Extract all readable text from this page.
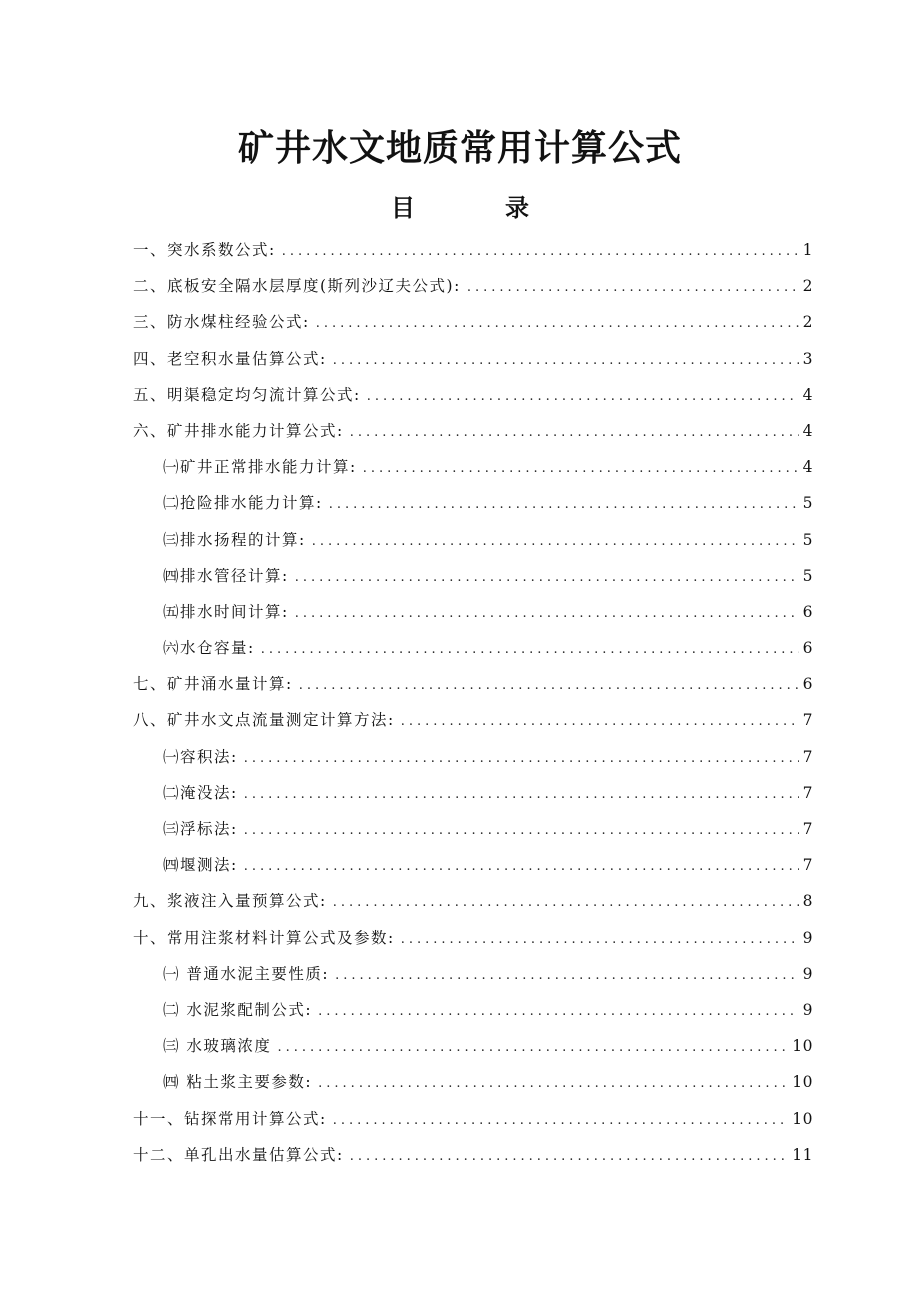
矿井水文地质常用计算公式
目	录
一、突水系数公式: .....	1
二、底板安全隔水层厚度(斯列沙辽夫公式): .....	2
三、防水煤柱经验公式: .....	2
四、老空积水量估算公式: .....	3
五、明渠稳定均匀流计算公式: .....	4
六、矿井排水能力计算公式: .....	4
㈠矿井正常排水能力计算: .....	4
㈡抢险排水能力计算: .....	5
㈢排水扬程的计算: .....	5
㈣排水管径计算: .....	5
㈤排水时间计算: .....	6
㈥水仓容量: .....	6
七、矿井涌水量计算: .....	6
八、矿井水文点流量测定计算方法: .....	7
㈠容积法: .....	7
㈡淹没法: .....	7
㈢浮标法: .....	7
㈣堰测法: .....	7
九、浆液注入量预算公式: .....	8
十、常用注浆材料计算公式及参数: .....	9
㈠ 普通水泥主要性质: .....	9
㈡ 水泥浆配制公式: .....	9
㈢ 水玻璃浓度 .....	10
㈣ 粘土浆主要参数: .....	10
十一、钻探常用计算公式: .....	10
十二、单孔出水量估算公式: .....	11
